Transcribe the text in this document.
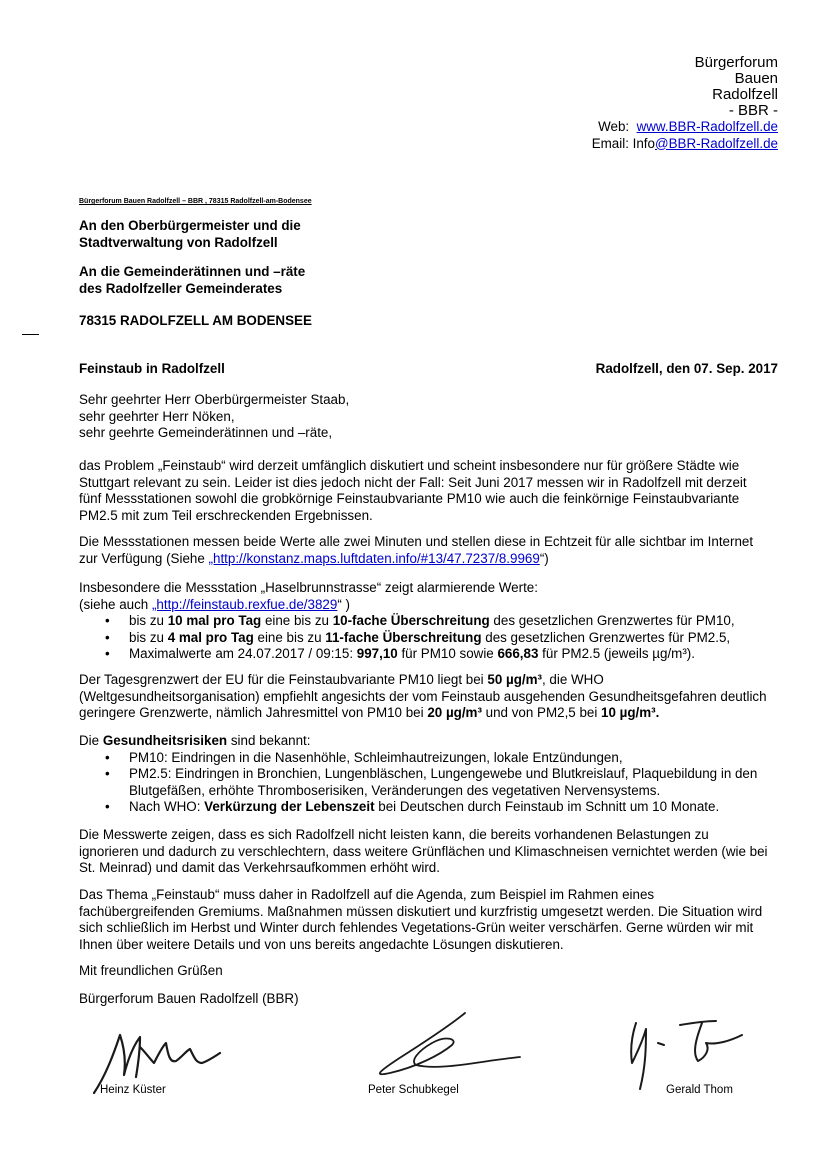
Bürgerforum
Bauen
Radolfzell
- BBR -
Web: www.BBR-Radolfzell.de
Email: Info@BBR-Radolfzell.de
Bürgerforum Bauen Radolfzell – BBR , 78315 Radolfzell-am-Bodensee
An den Oberbürgermeister und die
Stadtverwaltung von Radolfzell
An die Gemeinderätinnen und –räte
des Radolfzeller Gemeinderates
78315 RADOLFZELL AM BODENSEE
Feinstaub in Radolfzell	Radolfzell, den 07. Sep. 2017
Sehr geehrter Herr Oberbürgermeister Staab,
sehr geehrter Herr Nöken,
sehr geehrte Gemeinderätinnen und –räte,

das Problem „Feinstaub“ wird derzeit umfänglich diskutiert und scheint insbesondere nur für größere Städte wie Stuttgart relevant zu sein. Leider ist dies jedoch nicht der Fall: Seit Juni 2017 messen wir in Radolfzell mit derzeit fünf Messstationen sowohl die grobkörnige Feinstaubvariante PM10 wie auch die feinkörnige Feinstaubvariante PM2.5 mit zum Teil erschreckenden Ergebnissen.

Die Messstationen messen beide Werte alle zwei Minuten und stellen diese in Echtzeit für alle sichtbar im Internet zur Verfügung (Siehe „http://konstanz.maps.luftdaten.info/#13/47.7237/8.9969“)

Insbesondere die Messstation „Haselbrunnstrasse“ zeigt alarmierende Werte:
(siehe auch „http://feinstaub.rexfue.de/3829“ )
• bis zu 10 mal pro Tag eine bis zu 10-fache Überschreitung des gesetzlichen Grenzwertes für PM10,
• bis zu 4 mal pro Tag eine bis zu 11-fache Überschreitung des gesetzlichen Grenzwertes für PM2.5,
• Maximalwerte am 24.07.2017 / 09:15: 997,10 für PM10 sowie 666,83 für PM2.5 (jeweils µg/m³).

Der Tagesgrenzwert der EU für die Feinstaubvariante PM10 liegt bei 50 µg/m³, die WHO (Weltgesundheitsorganisation) empfiehlt angesichts der vom Feinstaub ausgehenden Gesundheitsgefahren deutlich geringere Grenzwerte, nämlich Jahresmittel von PM10 bei 20 µg/m³ und von PM2,5 bei 10 µg/m³.

Die Gesundheitsrisiken sind bekannt:
• PM10: Eindringen in die Nasenhöhle, Schleimhautreizungen, lokale Entzündungen,
• PM2.5: Eindringen in Bronchien, Lungenbläschen, Lungengewebe und Blutkreislauf, Plaquebildung in den Blutgefäßen, erhöhte Thromboserisiken, Veränderungen des vegetativen Nervensystems.
• Nach WHO: Verkürzung der Lebenszeit bei Deutschen durch Feinstaub im Schnitt um 10 Monate.

Die Messwerte zeigen, dass es sich Radolfzell nicht leisten kann, die bereits vorhandenen Belastungen zu ignorieren und dadurch zu verschlechtern, dass weitere Grünflächen und Klimaschneisen vernichtet werden (wie bei St. Meinrad) und damit das Verkehrsaufkommen erhöht wird.

Das Thema „Feinstaub“ muss daher in Radolfzell auf die Agenda, zum Beispiel im Rahmen eines fachübergreifenden Gremiums. Maßnahmen müssen diskutiert und kurzfristig umgesetzt werden. Die Situation wird sich schließlich im Herbst und Winter durch fehlendes Vegetations-Grün weiter verschärfen. Gerne würden wir mit Ihnen über weitere Details und von uns bereits angedachte Lösungen diskutieren.

Mit freundlichen Grüßen
Bürgerforum Bauen Radolfzell (BBR)
Heinz Küster	Peter Schubkegel	Gerald Thom
